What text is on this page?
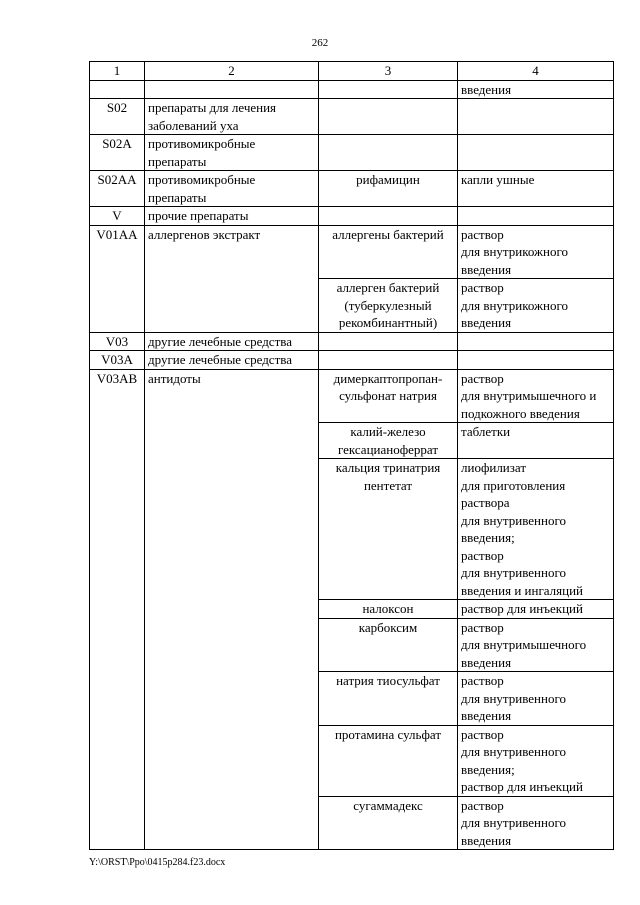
262
1	2	3	4

			введения

S02	препараты для лечения заболеваний уха		
S02A	противомикробные препараты		
S02AA	противомикробные препараты	рифамицин	капли ушные

V	прочие препараты		
V01AA	аллергенов экстракт	аллергены бактерий	раствор
для внутрикожного введения

		аллерген бактерий (туберкулезный рекомбинантный)	раствор
для внутрикожного введения

V03	другие лечебные средства		
V03A	другие лечебные средства		
V03AB	антидоты	димеркаптопропан-сульфонат натрия	раствор
для внутримышечного и подкожного введения

		калий-железо гексацианоферрат	таблетки

		кальция тринатрия пентетат	лиофилизат
для приготовления раствора
для внутривенного введения;
раствор
для внутривенного введения и ингаляций

		налоксон	раствор для инъекций

		карбоксим	раствор
для внутримышечного введения

		натрия тиосульфат	раствор
для внутривенного введения

		протамина сульфат	раствор
для внутривенного введения;
раствор для инъекций

		сугаммадекс	раствор
для внутривенного введения
Y:\ORST\Ppo\0415p284.f23.docx
